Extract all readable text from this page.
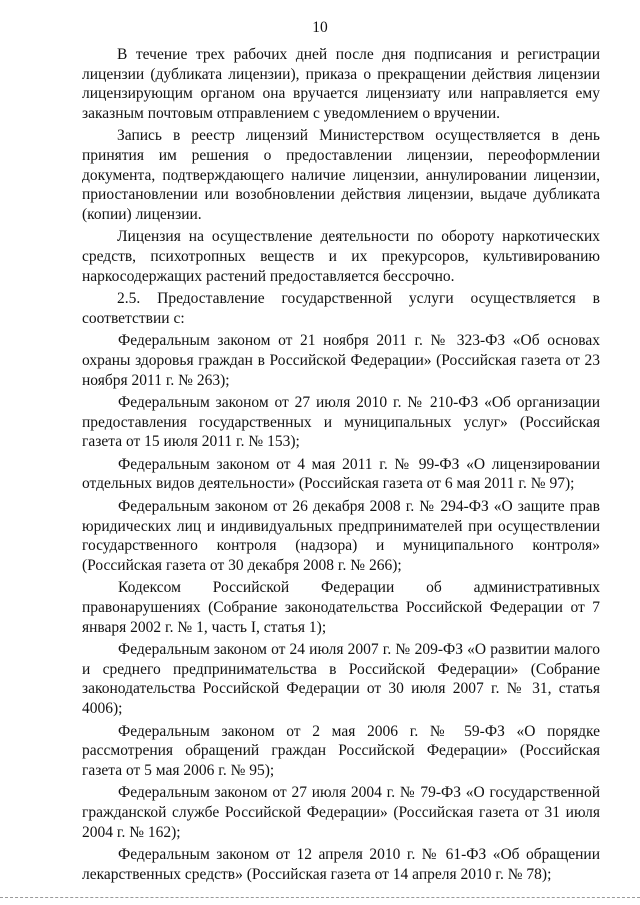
10

В течение трех рабочих дней после дня подписания и регистрации лицензии (дубликата лицензии), приказа о прекращении действия лицензии лицензирующим органом она вручается лицензиату или направляется ему заказным почтовым отправлением с уведомлением о вручении.

Запись в реестр лицензий Министерством осуществляется в день принятия им решения о предоставлении лицензии, переоформлении документа, подтверждающего наличие лицензии, аннулировании лицензии, приостановлении или возобновлении действия лицензии, выдаче дубликата (копии) лицензии.

Лицензия на осуществление деятельности по обороту наркотических средств, психотропных веществ и их прекурсоров, культивированию наркосодержащих растений предоставляется бессрочно.

2.5. Предоставление государственной услуги осуществляется в соответствии с:

Федеральным законом от 21 ноября 2011 г. № 323-ФЗ «Об основах охраны здоровья граждан в Российской Федерации» (Российская газета от 23 ноября 2011 г. № 263);

Федеральным законом от 27 июля 2010 г. № 210-ФЗ «Об организации предоставления государственных и муниципальных услуг» (Российская газета от 15 июля 2011 г. № 153);

Федеральным законом от 4 мая 2011 г. № 99-ФЗ «О лицензировании отдельных видов деятельности» (Российская газета от 6 мая 2011 г. № 97);

Федеральным законом от 26 декабря 2008 г. № 294-ФЗ «О защите прав юридических лиц и индивидуальных предпринимателей при осуществлении государственного контроля (надзора) и муниципального контроля» (Российская газета от 30 декабря 2008 г. № 266);

Кодексом Российской Федерации об административных правонарушениях (Собрание законодательства Российской Федерации от 7 января 2002 г. № 1, часть I, статья 1);

Федеральным законом от 24 июля 2007 г. № 209-ФЗ «О развитии малого и среднего предпринимательства в Российской Федерации» (Собрание законодательства Российской Федерации от 30 июля 2007 г. № 31, статья 4006);

Федеральным законом от 2 мая 2006 г. № 59-ФЗ «О порядке рассмотрения обращений граждан Российской Федерации» (Российская газета от 5 мая 2006 г. № 95);

Федеральным законом от 27 июля 2004 г. № 79-ФЗ «О государственной гражданской службе Российской Федерации» (Российская газета от 31 июля 2004 г. № 162);

Федеральным законом от 12 апреля 2010 г. № 61-ФЗ «Об обращении лекарственных средств» (Российская газета от 14 апреля 2010 г. № 78);
